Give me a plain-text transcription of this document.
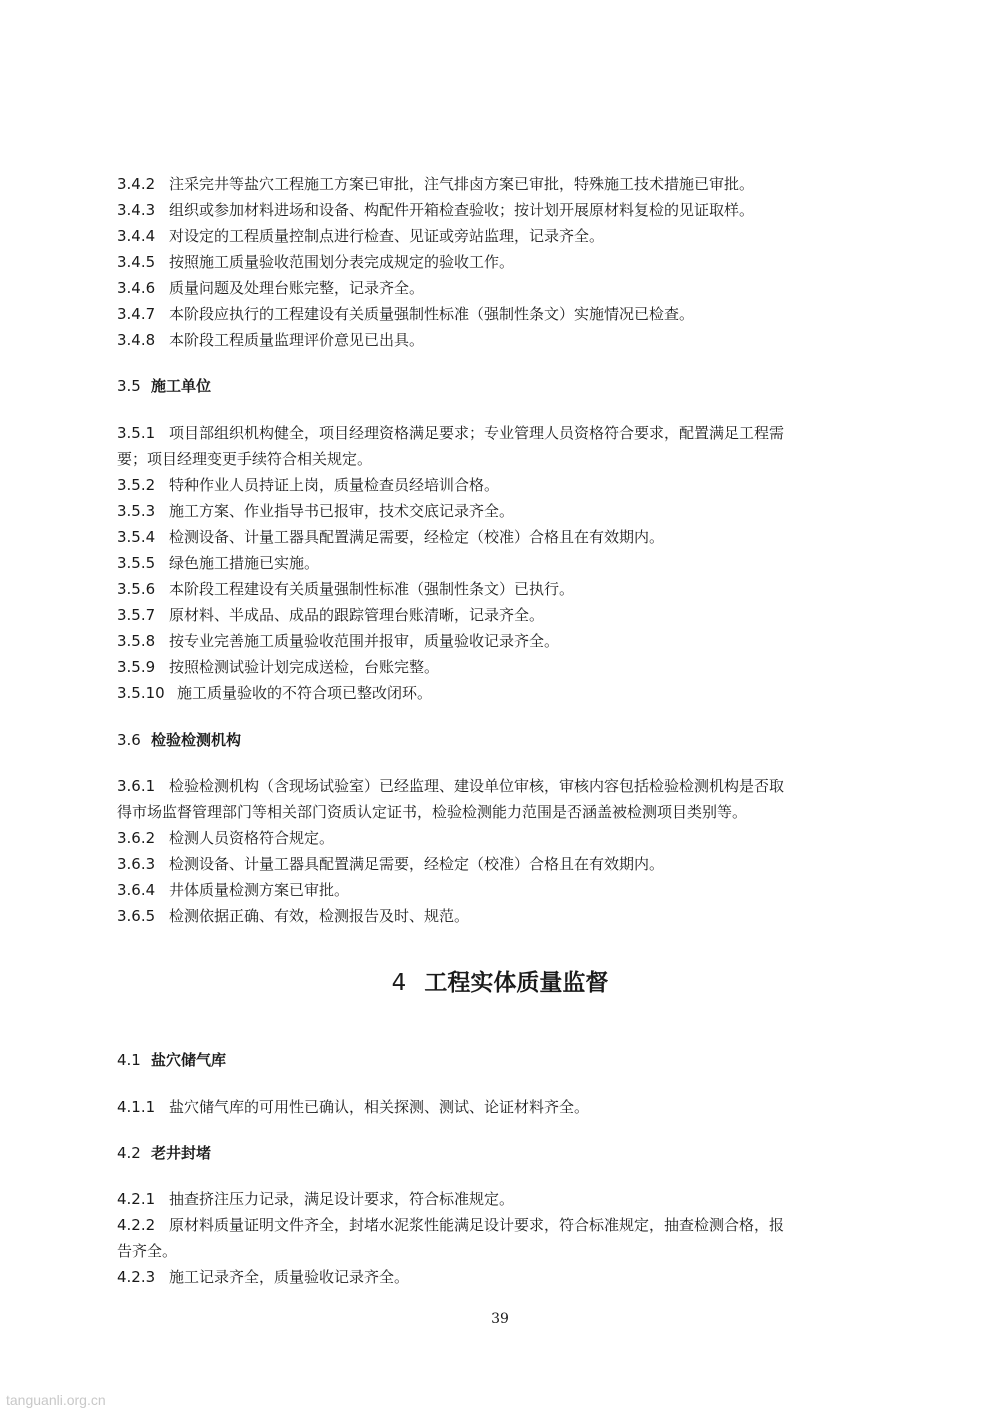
3.4.2 注采完井等盐穴工程施工方案已审批，注气排卤方案已审批，特殊施工技术措施已审批。
3.4.3 组织或参加材料进场和设备、构配件开箱检查验收；按计划开展原材料复检的见证取样。
3.4.4 对设定的工程质量控制点进行检查、见证或旁站监理，记录齐全。
3.4.5 按照施工质量验收范围划分表完成规定的验收工作。
3.4.6 质量问题及处理台账完整，记录齐全。
3.4.7 本阶段应执行的工程建设有关质量强制性标准（强制性条文）实施情况已检查。
3.4.8 本阶段工程质量监理评价意见已出具。
3.5 施工单位
3.5.1 项目部组织机构健全，项目经理资格满足要求；专业管理人员资格符合要求，配置满足工程需
要；项目经理变更手续符合相关规定。
3.5.2 特种作业人员持证上岗，质量检查员经培训合格。
3.5.3 施工方案、作业指导书已报审，技术交底记录齐全。
3.5.4 检测设备、计量工器具配置满足需要，经检定（校准）合格且在有效期内。
3.5.5 绿色施工措施已实施。
3.5.6 本阶段工程建设有关质量强制性标准（强制性条文）已执行。
3.5.7 原材料、半成品、成品的跟踪管理台账清晰，记录齐全。
3.5.8 按专业完善施工质量验收范围并报审，质量验收记录齐全。
3.5.9 按照检测试验计划完成送检，台账完整。
3.5.10 施工质量验收的不符合项已整改闭环。
3.6 检验检测机构
3.6.1 检验检测机构（含现场试验室）已经监理、建设单位审核，审核内容包括检验检测机构是否取
得市场监督管理部门等相关部门资质认定证书，检验检测能力范围是否涵盖被检测项目类别等。
3.6.2 检测人员资格符合规定。
3.6.3 检测设备、计量工器具配置满足需要，经检定（校准）合格且在有效期内。
3.6.4 井体质量检测方案已审批。
3.6.5 检测依据正确、有效，检测报告及时、规范。
4 工程实体质量监督
4.1 盐穴储气库
4.1.1 盐穴储气库的可用性已确认，相关探测、测试、论证材料齐全。
4.2 老井封堵
4.2.1 抽查挤注压力记录，满足设计要求，符合标准规定。
4.2.2 原材料质量证明文件齐全，封堵水泥浆性能满足设计要求，符合标准规定，抽查检测合格，报
告齐全。
4.2.3 施工记录齐全，质量验收记录齐全。
39
tanguanli.org.cn
